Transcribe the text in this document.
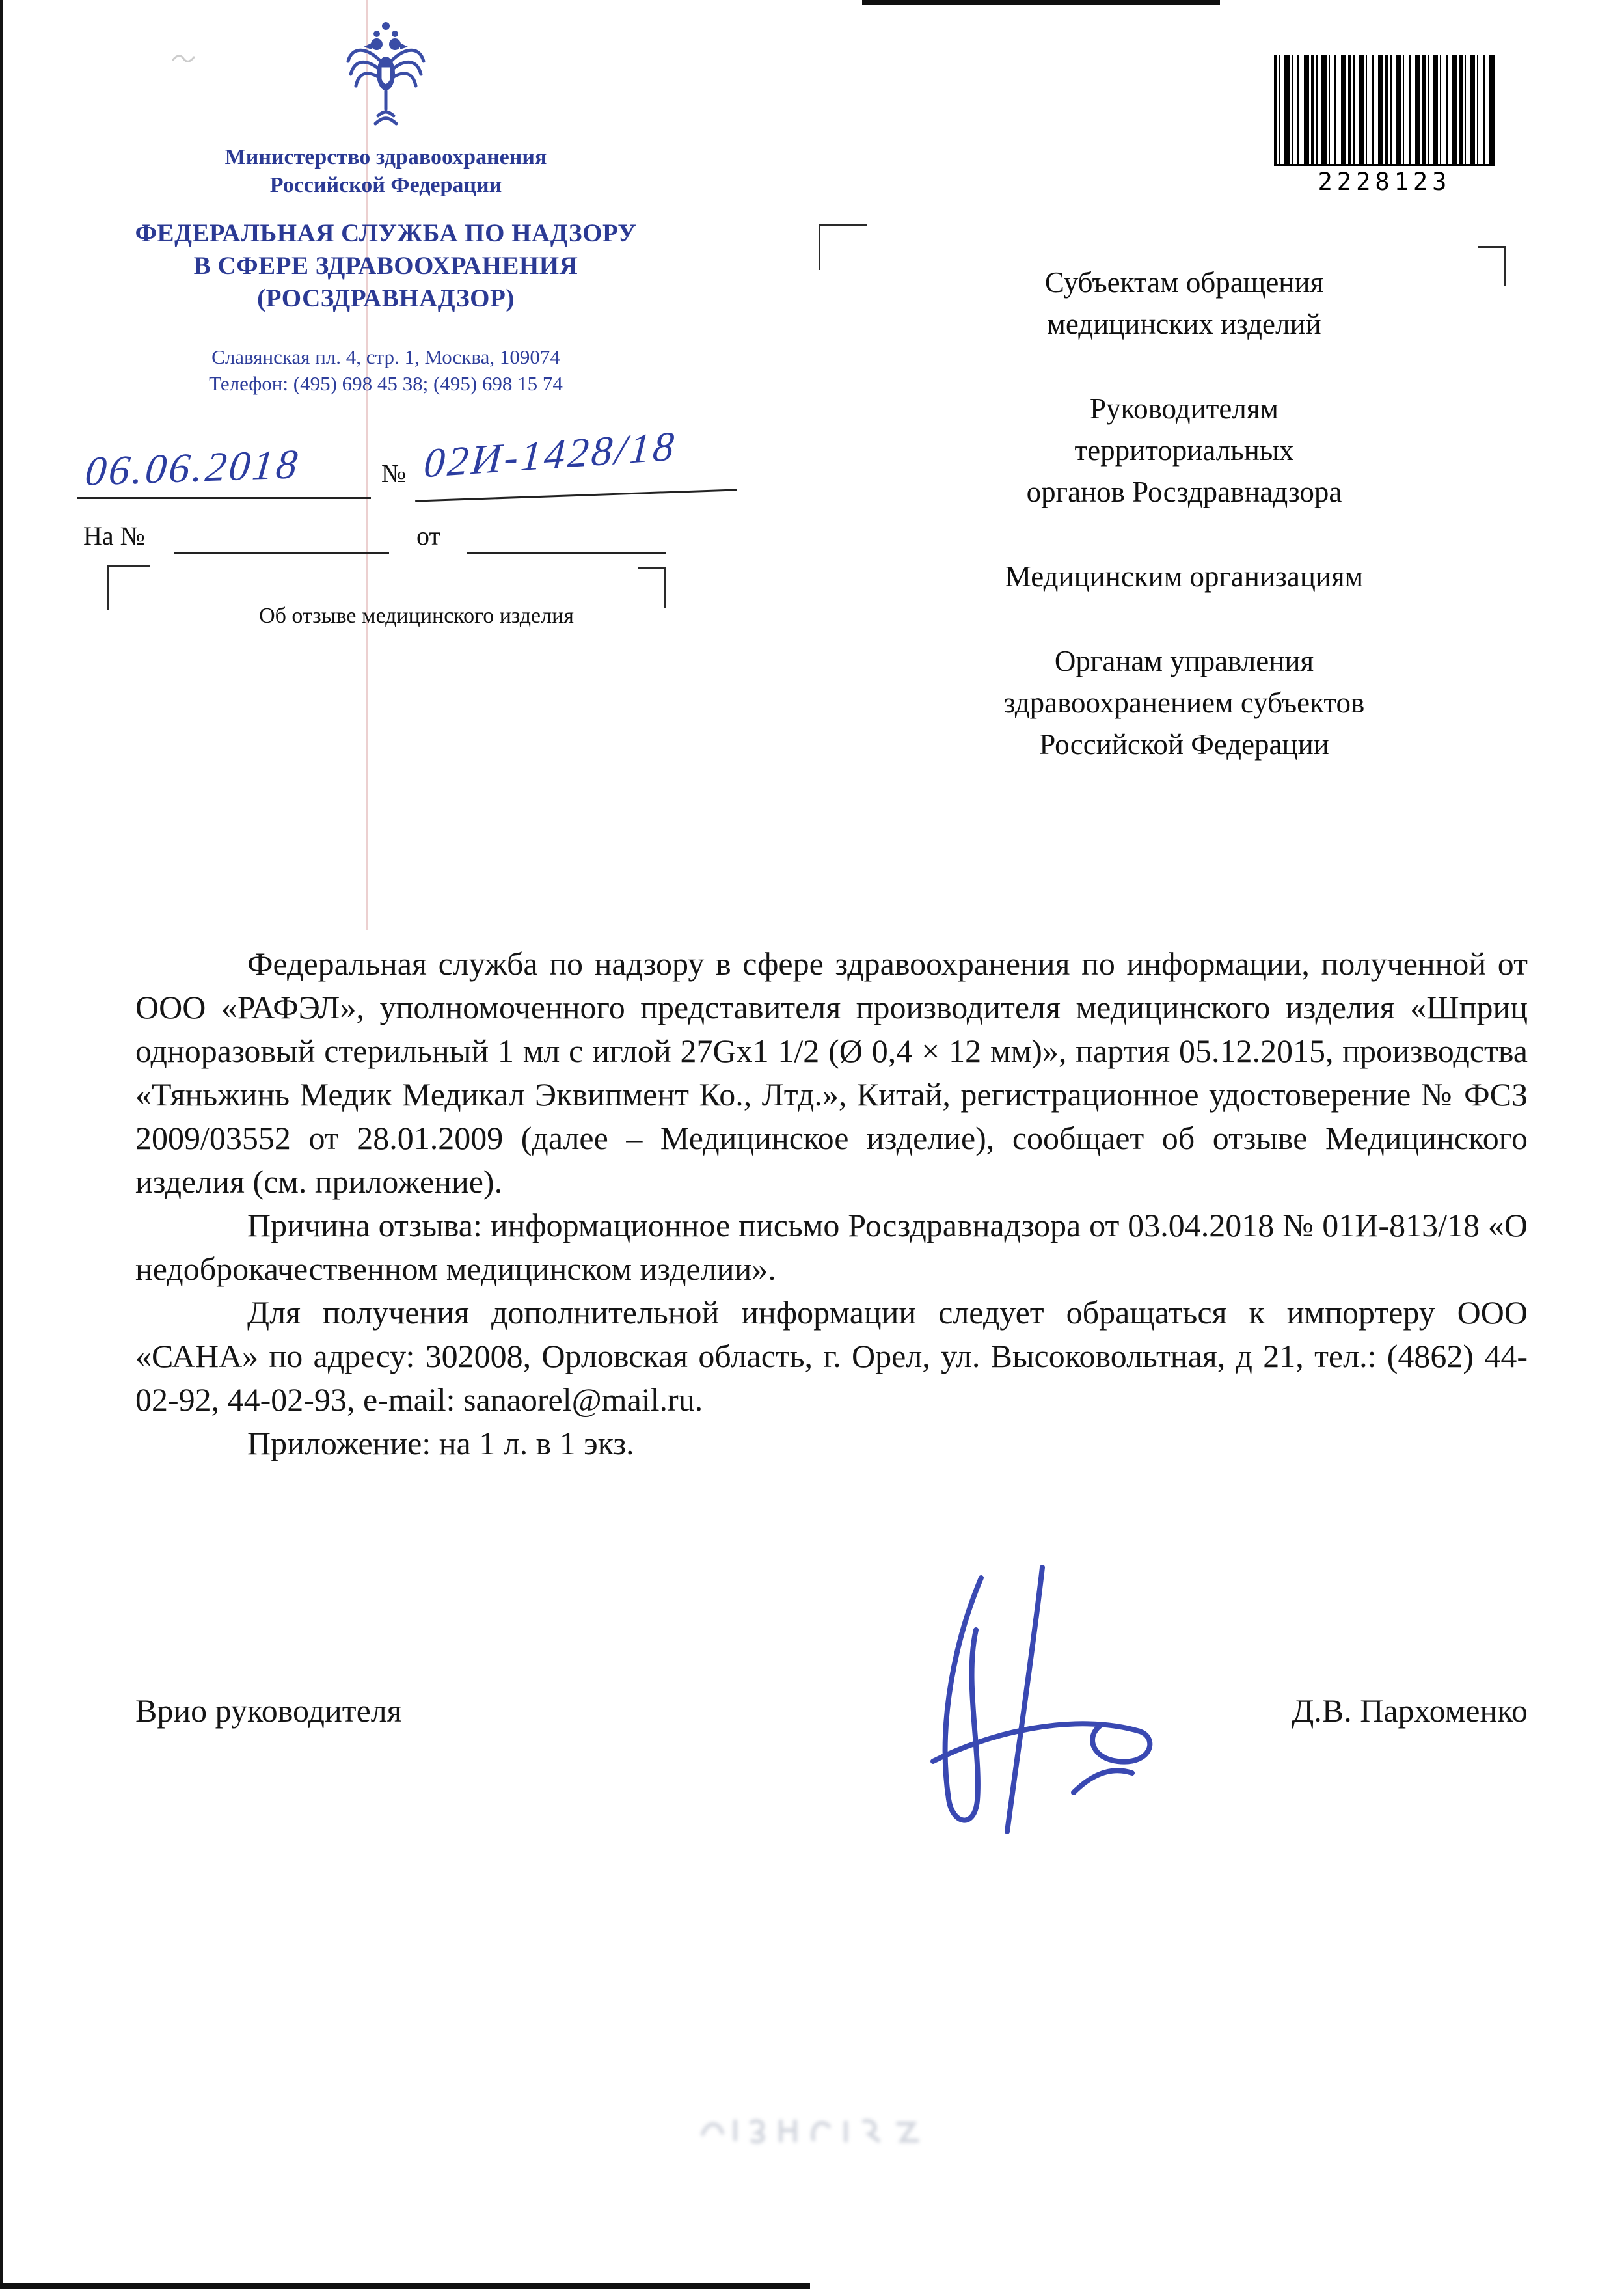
Министерство здравоохранения
Российской Федерации
ФЕДЕРАЛЬНАЯ СЛУЖБА ПО НАДЗОРУ
В СФЕРЕ ЗДРАВООХРАНЕНИЯ
(РОСЗДРАВНАДЗОР)
Славянская пл. 4, стр. 1, Москва, 109074
Телефон: (495) 698 45 38; (495) 698 15 74
06.06.2018	№ 02И-1428/18
На №	от
Об отзыве медицинского изделия
2228123
Субъектам обращения
медицинских изделий
Руководителям
территориальных
органов Росздравнадзора
Медицинским организациям
Органам управления
здравоохранением субъектов
Российской Федерации

Федеральная служба по надзору в сфере здравоохранения по информации, полученной от ООО «РАФЭЛ», уполномоченного представителя производителя медицинского изделия «Шприц одноразовый стерильный 1 мл с иглой 27Gx1 1/2 (Ø 0,4 × 12 мм)», партия 05.12.2015, производства «Тяньжинь Медик Медикал Эквипмент Ко., Лтд.», Китай, регистрационное удостоверение № ФСЗ 2009/03552 от 28.01.2009 (далее – Медицинское изделие), сообщает об отзыве Медицинского изделия (см. приложение).

Причина отзыва: информационное письмо Росздравнадзора от 03.04.2018 № 01И-813/18 «О недоброкачественном медицинском изделии».

Для получения дополнительной информации следует обращаться к импортеру ООО «САНА» по адресу: 302008, Орловская область, г. Орел, ул. Высоковольтная, д 21, тел.: (4862) 44-02-92, 44-02-93, e-mail: sanaorel@mail.ru.

Приложение: на 1 л. в 1 экз.

Врио руководителя	Д.В. Пархоменко
